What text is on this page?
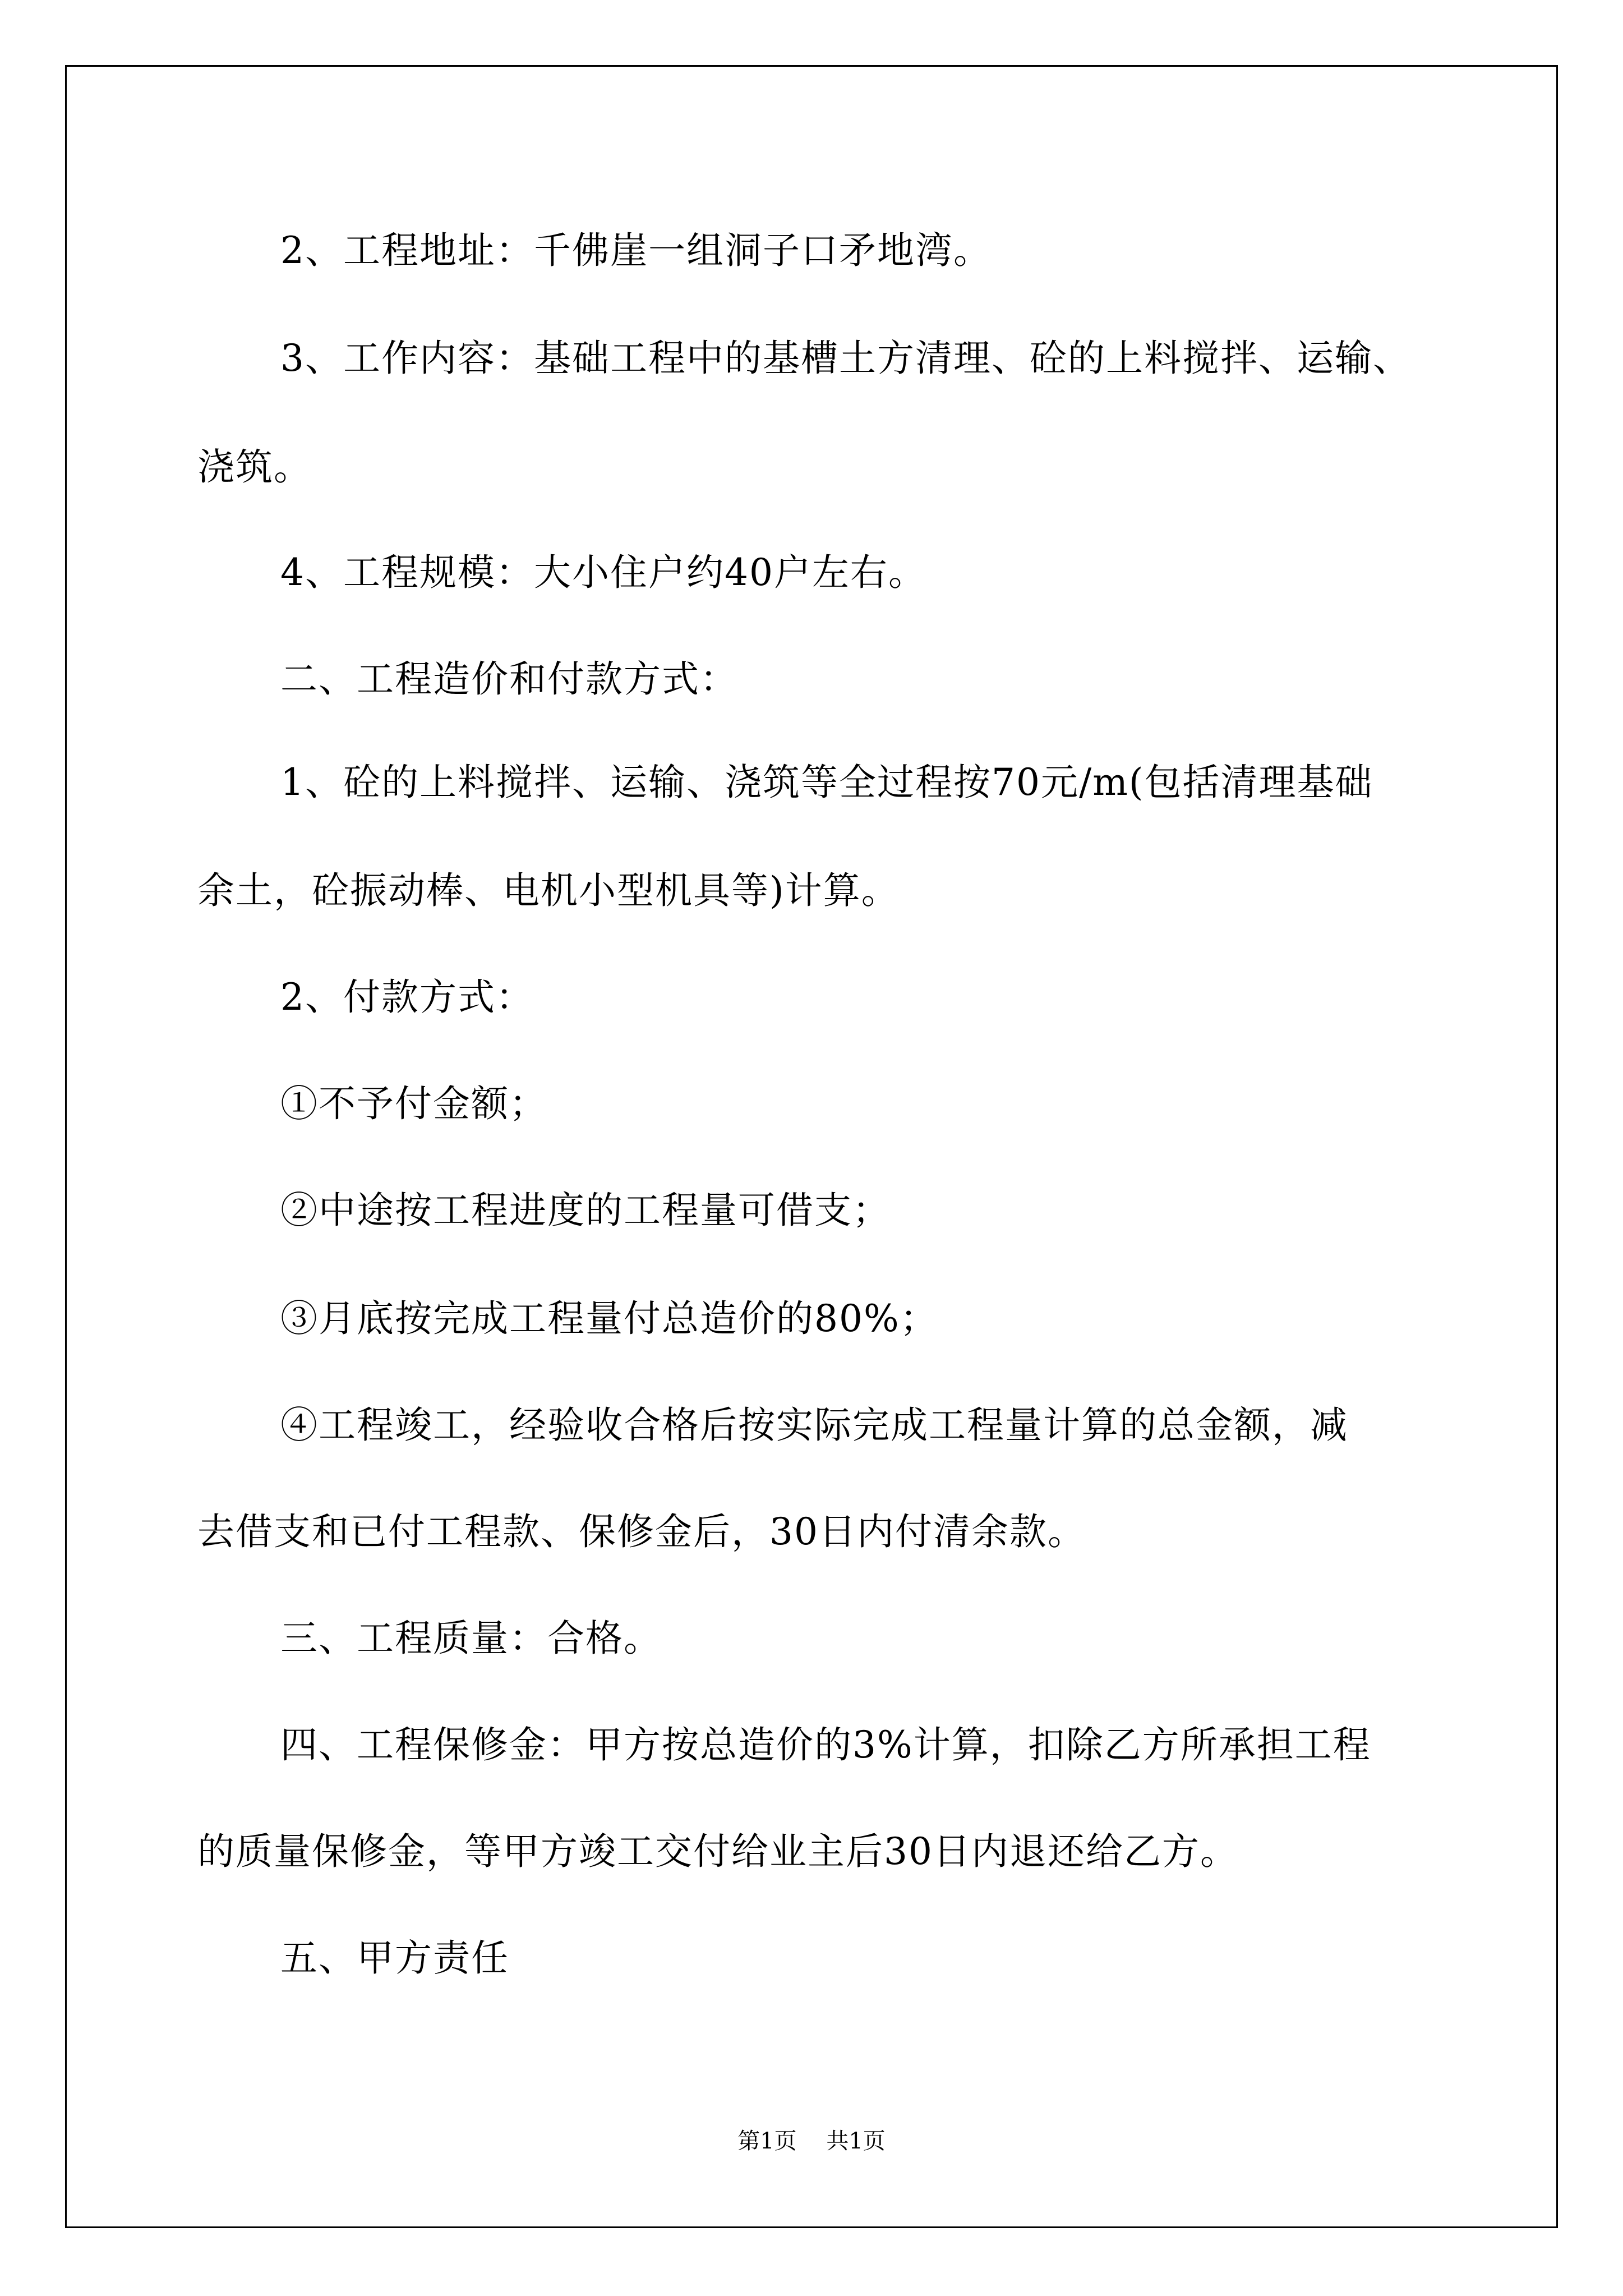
2、工程地址：千佛崖一组洞子口矛地湾。
3、工作内容：基础工程中的基槽土方清理、砼的上料搅拌、运输、
浇筑。
4、工程规模：大小住户约40户左右。
二、工程造价和付款方式：
1、砼的上料搅拌、运输、浇筑等全过程按70元/m(包括清理基础
余土，砼振动棒、电机小型机具等)计算。
2、付款方式：
①不予付金额；
②中途按工程进度的工程量可借支；
③月底按完成工程量付总造价的80%；
④工程竣工，经验收合格后按实际完成工程量计算的总金额，减
去借支和已付工程款、保修金后，30日内付清余款。
三、工程质量：合格。
四、工程保修金：甲方按总造价的3%计算，扣除乙方所承担工程
的质量保修金，等甲方竣工交付给业主后30日内退还给乙方。
五、甲方责任
第1页 共1页
